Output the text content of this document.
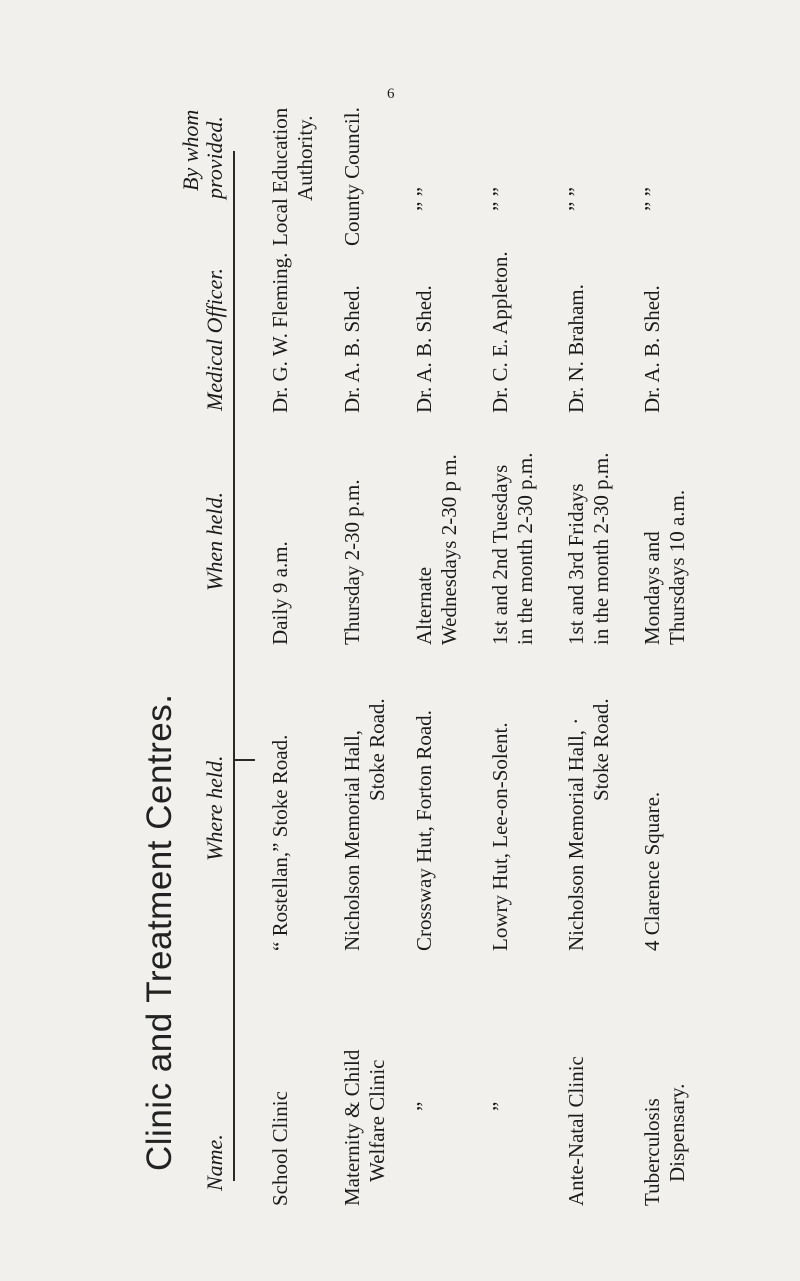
6
Clinic and Treatment Centres. Name.
Where held.
When held.
Medical Officer.
By whom provided.
School Clinic
“ Rostellan,” Stoke Road.
Daily 9 a.m.
Dr. G. W. Fleming.
Local Education Authority.
Maternity & Child Welfare Clinic
Nicholson Memorial Hall, Stoke Road.
Thursday 2-30 p.m.
Dr. A. B. Shed.
County Council.
”
Crossway Hut, Forton Road.
Alternate Wednesdays 2-30 p m.
Dr. A. B. Shed.
” ”
”
Lowry Hut, Lee-on-Solent.
1st and 2nd Tuesdays in the month 2-30 p.m.
Dr. C. E. Appleton.
” ”
Ante-Natal Clinic
Nicholson Memorial Hall, · Stoke Road.
1st and 3rd Fridays in the month 2-30 p.m.
Dr. N. Braham.
” ”
Tuberculosis Dispensary.
4 Clarence Square.
Mondays and Thursdays 10 a.m.
Dr. A. B. Shed.
” ”
